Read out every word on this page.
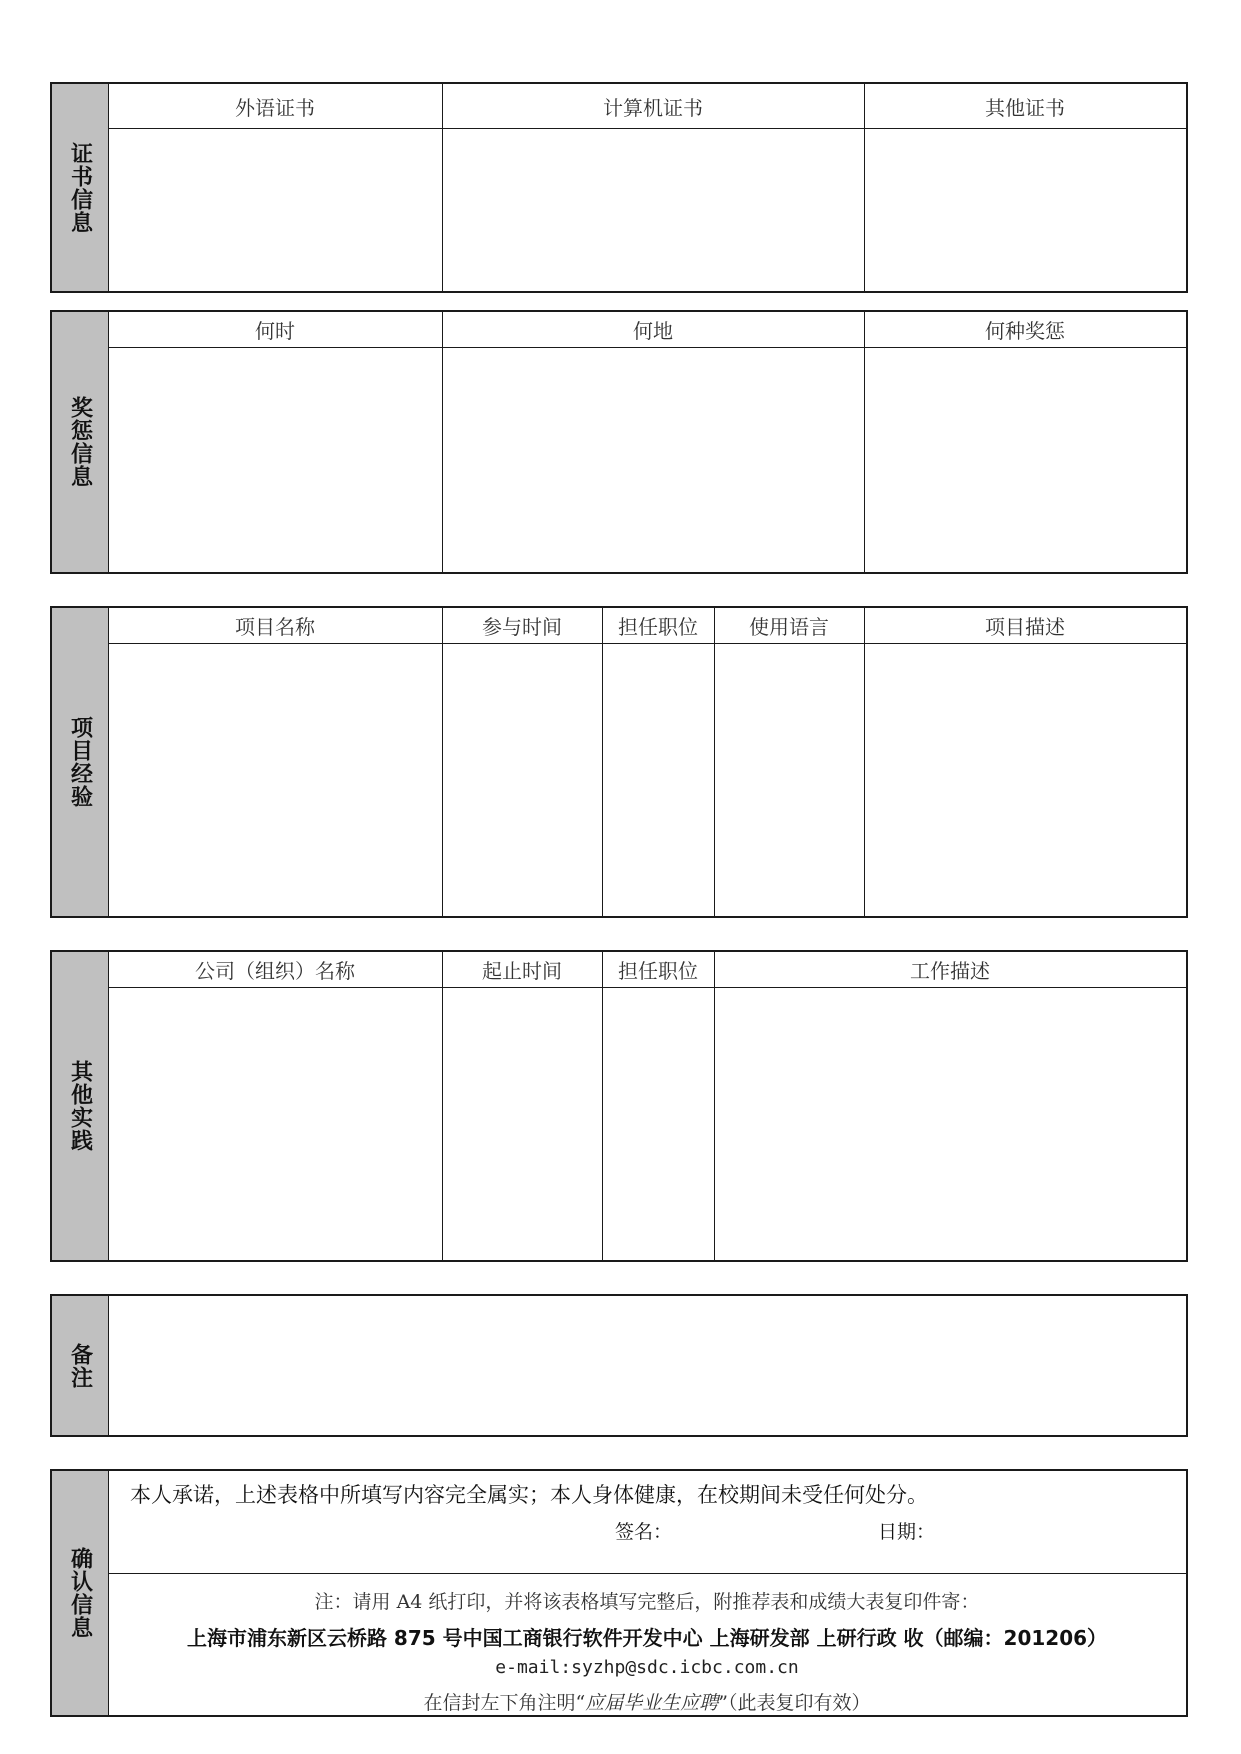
证书信息
外语证书	计算机证书	其他证书
奖惩信息
何时	何地	何种奖惩
项目经验
项目名称	参与时间	担任职位	使用语言	项目描述
其他实践
公司（组织）名称	起止时间	担任职位	工作描述
备注
确认信息
本人承诺，上述表格中所填写内容完全属实；本人身体健康，在校期间未受任何处分。
签名：	日期：
注：请用 A4 纸打印，并将该表格填写完整后，附推荐表和成绩大表复印件寄：
上海市浦东新区云桥路 875 号中国工商银行软件开发中心 上海研发部 上研行政 收（邮编：201206）
e-mail:syzhp@sdc.icbc.com.cn
在信封左下角注明“应届毕业生应聘”（此表复印有效）
